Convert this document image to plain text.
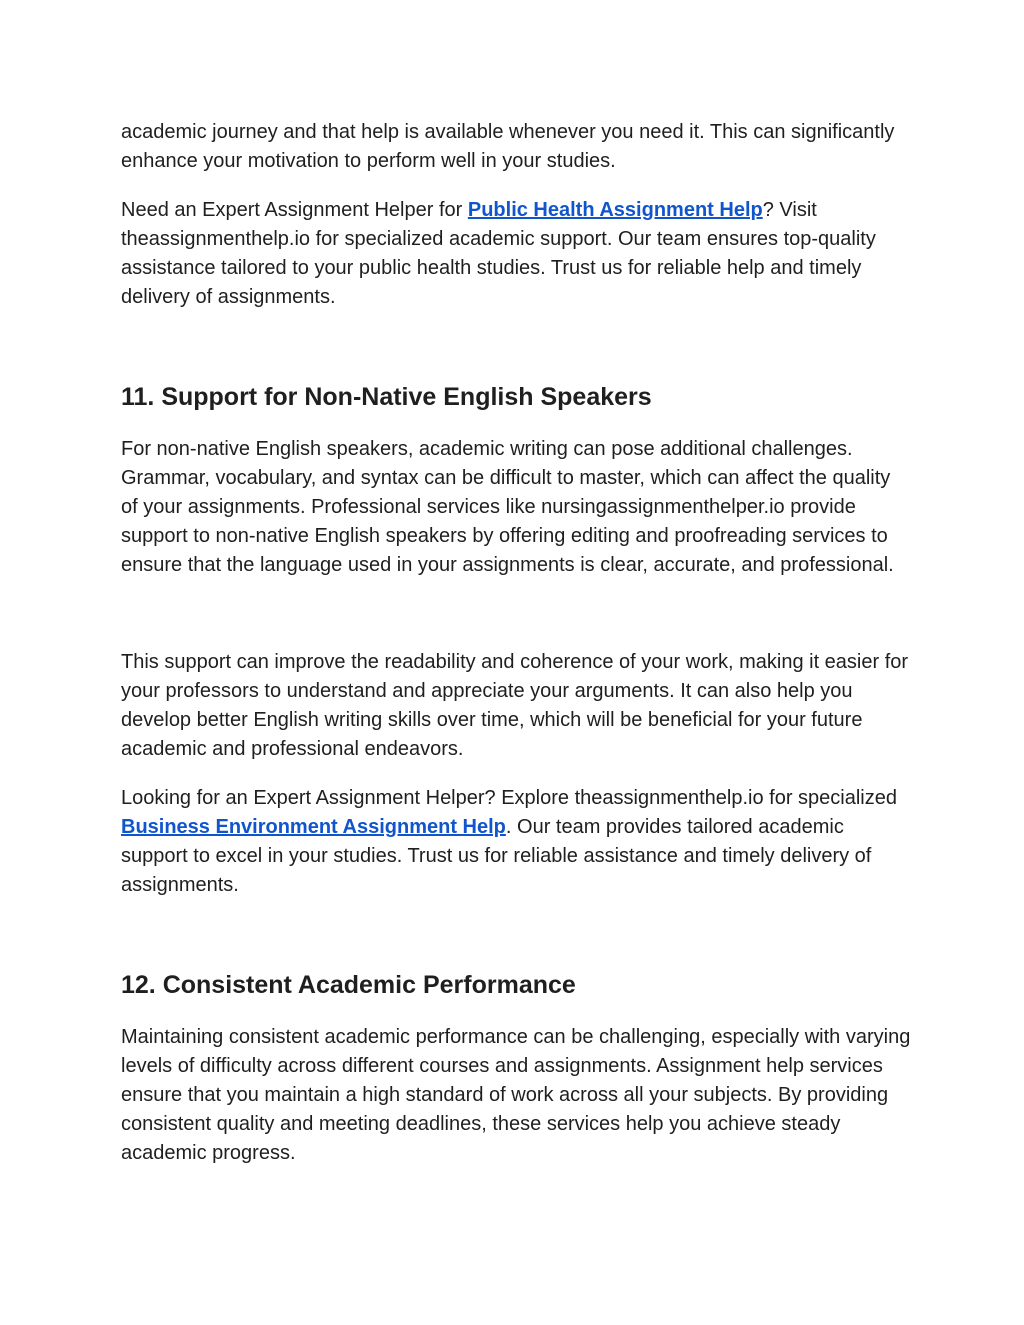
academic journey and that help is available whenever you need it. This can significantly enhance your motivation to perform well in your studies.

Need an Expert Assignment Helper for Public Health Assignment Help? Visit theassignmenthelp.io for specialized academic support. Our team ensures top-quality assistance tailored to your public health studies. Trust us for reliable help and timely delivery of assignments.

11. Support for Non-Native English Speakers

For non-native English speakers, academic writing can pose additional challenges. Grammar, vocabulary, and syntax can be difficult to master, which can affect the quality of your assignments. Professional services like nursingassignmenthelper.io provide support to non-native English speakers by offering editing and proofreading services to ensure that the language used in your assignments is clear, accurate, and professional.

This support can improve the readability and coherence of your work, making it easier for your professors to understand and appreciate your arguments. It can also help you develop better English writing skills over time, which will be beneficial for your future academic and professional endeavors.

Looking for an Expert Assignment Helper? Explore theassignmenthelp.io for specialized Business Environment Assignment Help. Our team provides tailored academic support to excel in your studies. Trust us for reliable assistance and timely delivery of assignments.

12. Consistent Academic Performance

Maintaining consistent academic performance can be challenging, especially with varying levels of difficulty across different courses and assignments. Assignment help services ensure that you maintain a high standard of work across all your subjects. By providing consistent quality and meeting deadlines, these services help you achieve steady academic progress.
